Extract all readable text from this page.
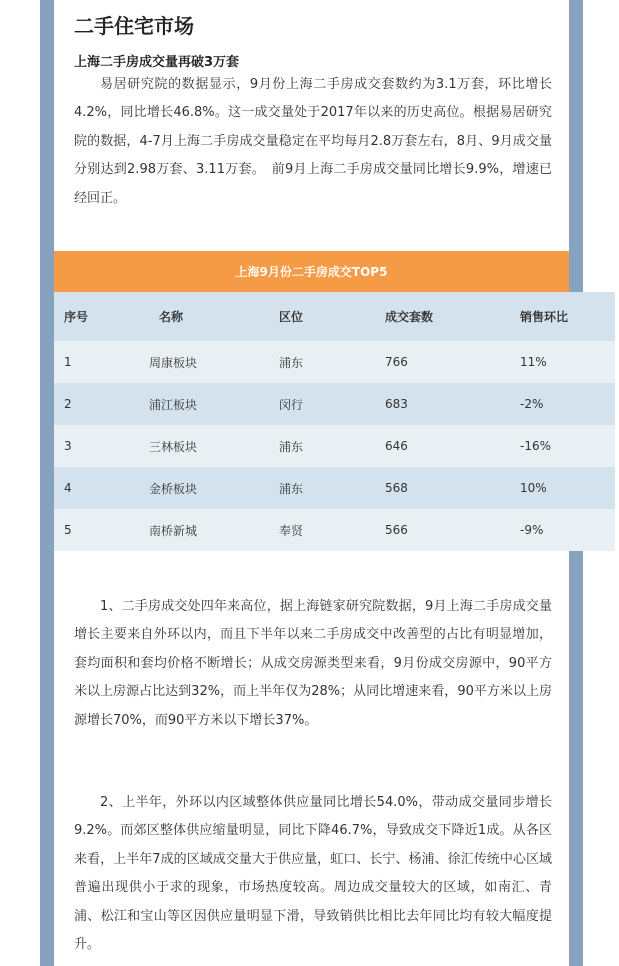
二手住宅市场

上海二手房成交量再破3万套

易居研究院的数据显示，9月份上海二手房成交套数约为3.1万套，环比增长4.2%，同比增长46.8%。这一成交量处于2017年以来的历史高位。根据易居研究院的数据，4-7月上海二手房成交量稳定在平均每月2.8万套左右，8月、9月成交量分别达到2.98万套、3.11万套。　前9月上海二手房成交量同比增长9.9%，增速已经回正。

上海9月份二手房成交TOP5
序号	名称	区位	成交套数	销售环比
1	周康板块	浦东	766	11%
2	浦江板块	闵行	683	-2%
3	三林板块	浦东	646	-16%
4	金桥板块	浦东	568	10%
5	南桥新城	奉贤	566	-9%

1、二手房成交处四年来高位，据上海链家研究院数据，9月上海二手房成交量增长主要来自外环以内，而且下半年以来二手房成交中改善型的占比有明显增加，套均面积和套均价格不断增长；从成交房源类型来看，9月份成交房源中，90平方米以上房源占比达到32%，而上半年仅为28%；从同比增速来看，90平方米以上房源增长70%，而90平方米以下增长37%。

2、上半年，外环以内区域整体供应量同比增长54.0%，带动成交量同步增长9.2%。而郊区整体供应缩量明显，同比下降46.7%，导致成交下降近1成。从各区来看，上半年7成的区域成交量大于供应量，虹口、长宁、杨浦、徐汇传统中心区域普遍出现供小于求的现象，市场热度较高。周边成交量较大的区域，如南汇、青浦、松江和宝山等区因供应量明显下滑，导致销供比相比去年同比均有较大幅度提升。
